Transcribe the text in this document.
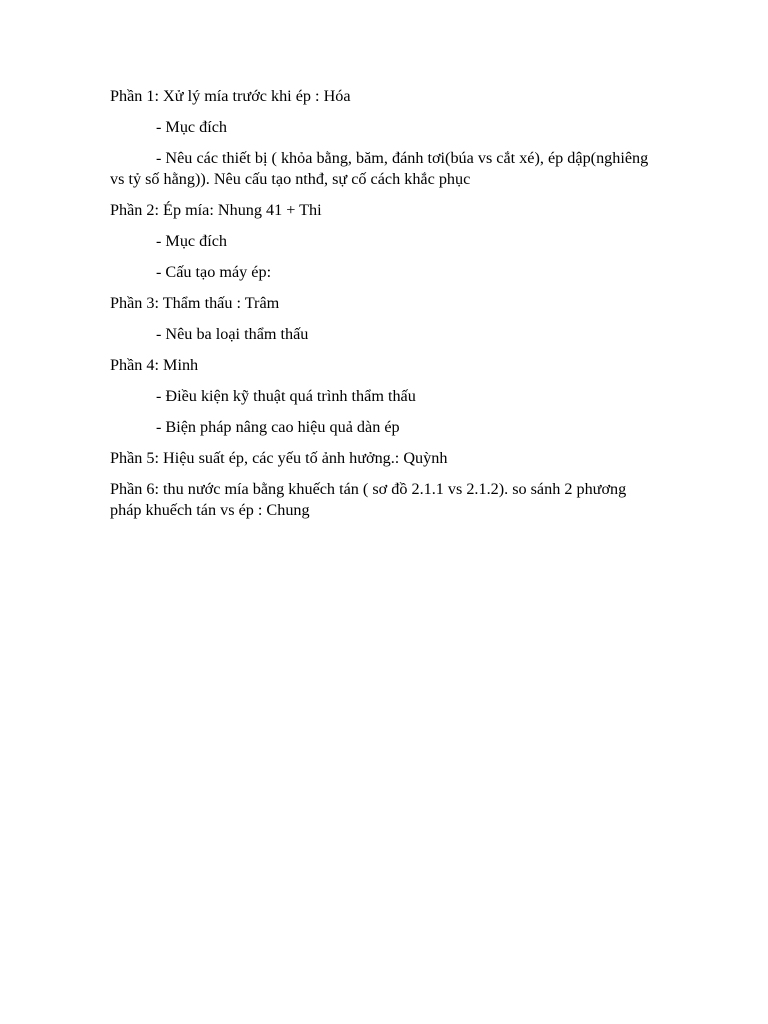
Phần 1: Xử lý mía trước khi ép : Hóa

- Mục đích

- Nêu các thiết bị ( khỏa bằng, băm, đánh tơi(búa vs cắt xé), ép dập(nghiêng vs tỷ số hằng)). Nêu cấu tạo nthđ, sự cố cách khắc phục

Phần 2: Ép mía: Nhung 41 + Thi

- Mục đích

- Cấu tạo máy ép:

Phần 3: Thẩm thấu : Trâm

- Nêu ba loại thẩm thấu

Phần 4: Minh

- Điều kiện kỹ thuật quá trình thẩm thấu

- Biện pháp nâng cao hiệu quả dàn ép

Phần 5: Hiệu suất ép, các yếu tố ảnh hưởng.: Quỳnh

Phần 6: thu nước mía bằng khuếch tán ( sơ đồ 2.1.1 vs 2.1.2). so sánh 2 phương pháp khuếch tán vs ép : Chung
